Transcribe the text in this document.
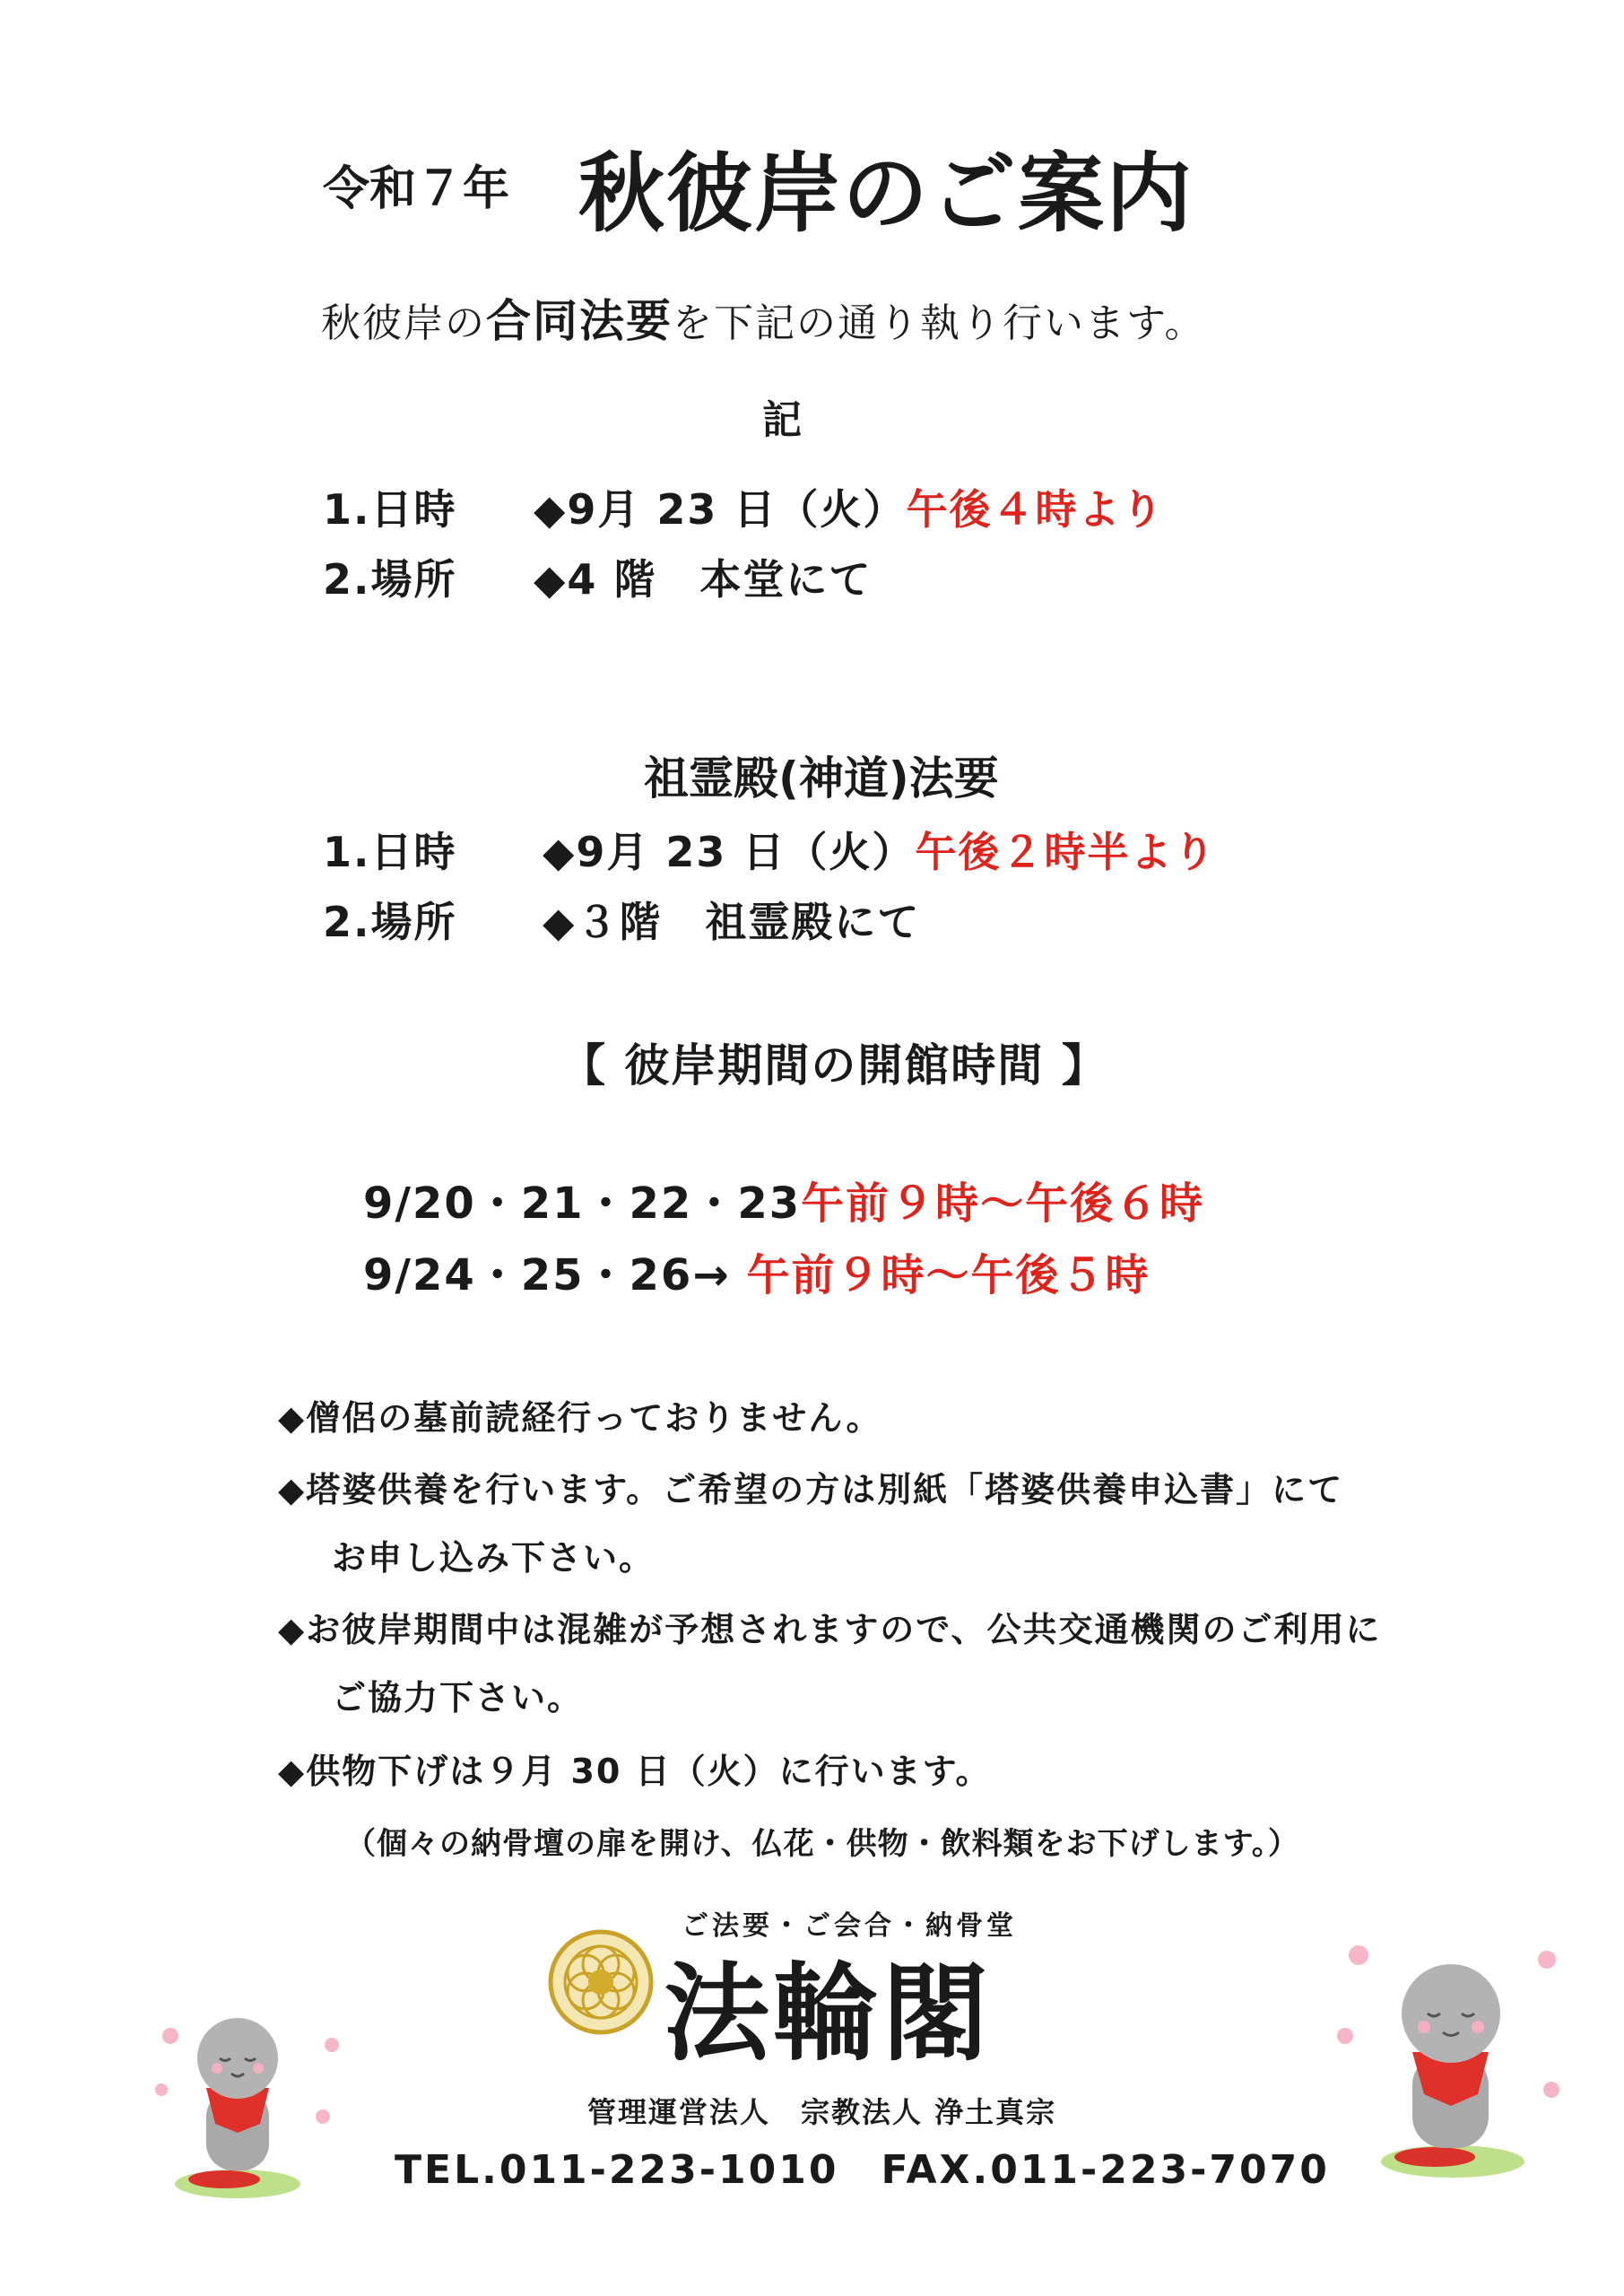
令和７年 秋彼岸のご案内
秋彼岸の合同法要を下記の通り執り行います。
記
1.日時 ◆9月 23 日（火）午後４時より
2.場所 ◆4 階　本堂にて
祖霊殿(神道)法要
1.日時 ◆9月 23 日（火）午後２時半より
2.場所 ◆３階　祖霊殿にて
【 彼岸期間の開館時間 】
9/20・21・22・23午前９時～午後６時
9/24・25・26→ 午前９時～午後５時
◆僧侶の墓前読経行っておりません。
◆塔婆供養を行います。ご希望の方は別紙「塔婆供養申込書」にて
お申し込み下さい。
◆お彼岸期間中は混雑が予想されますので、公共交通機関のご利用に
ご協力下さい。
◆供物下げは９月 30 日（火）に行います。
（個々の納骨壇の扉を開け、仏花・供物・飲料類をお下げします。）
ご法要・ご会合・納骨堂
法輪閣
管理運営法人　宗教法人 浄土真宗
TEL.011-223-1010　FAX.011-223-7070
